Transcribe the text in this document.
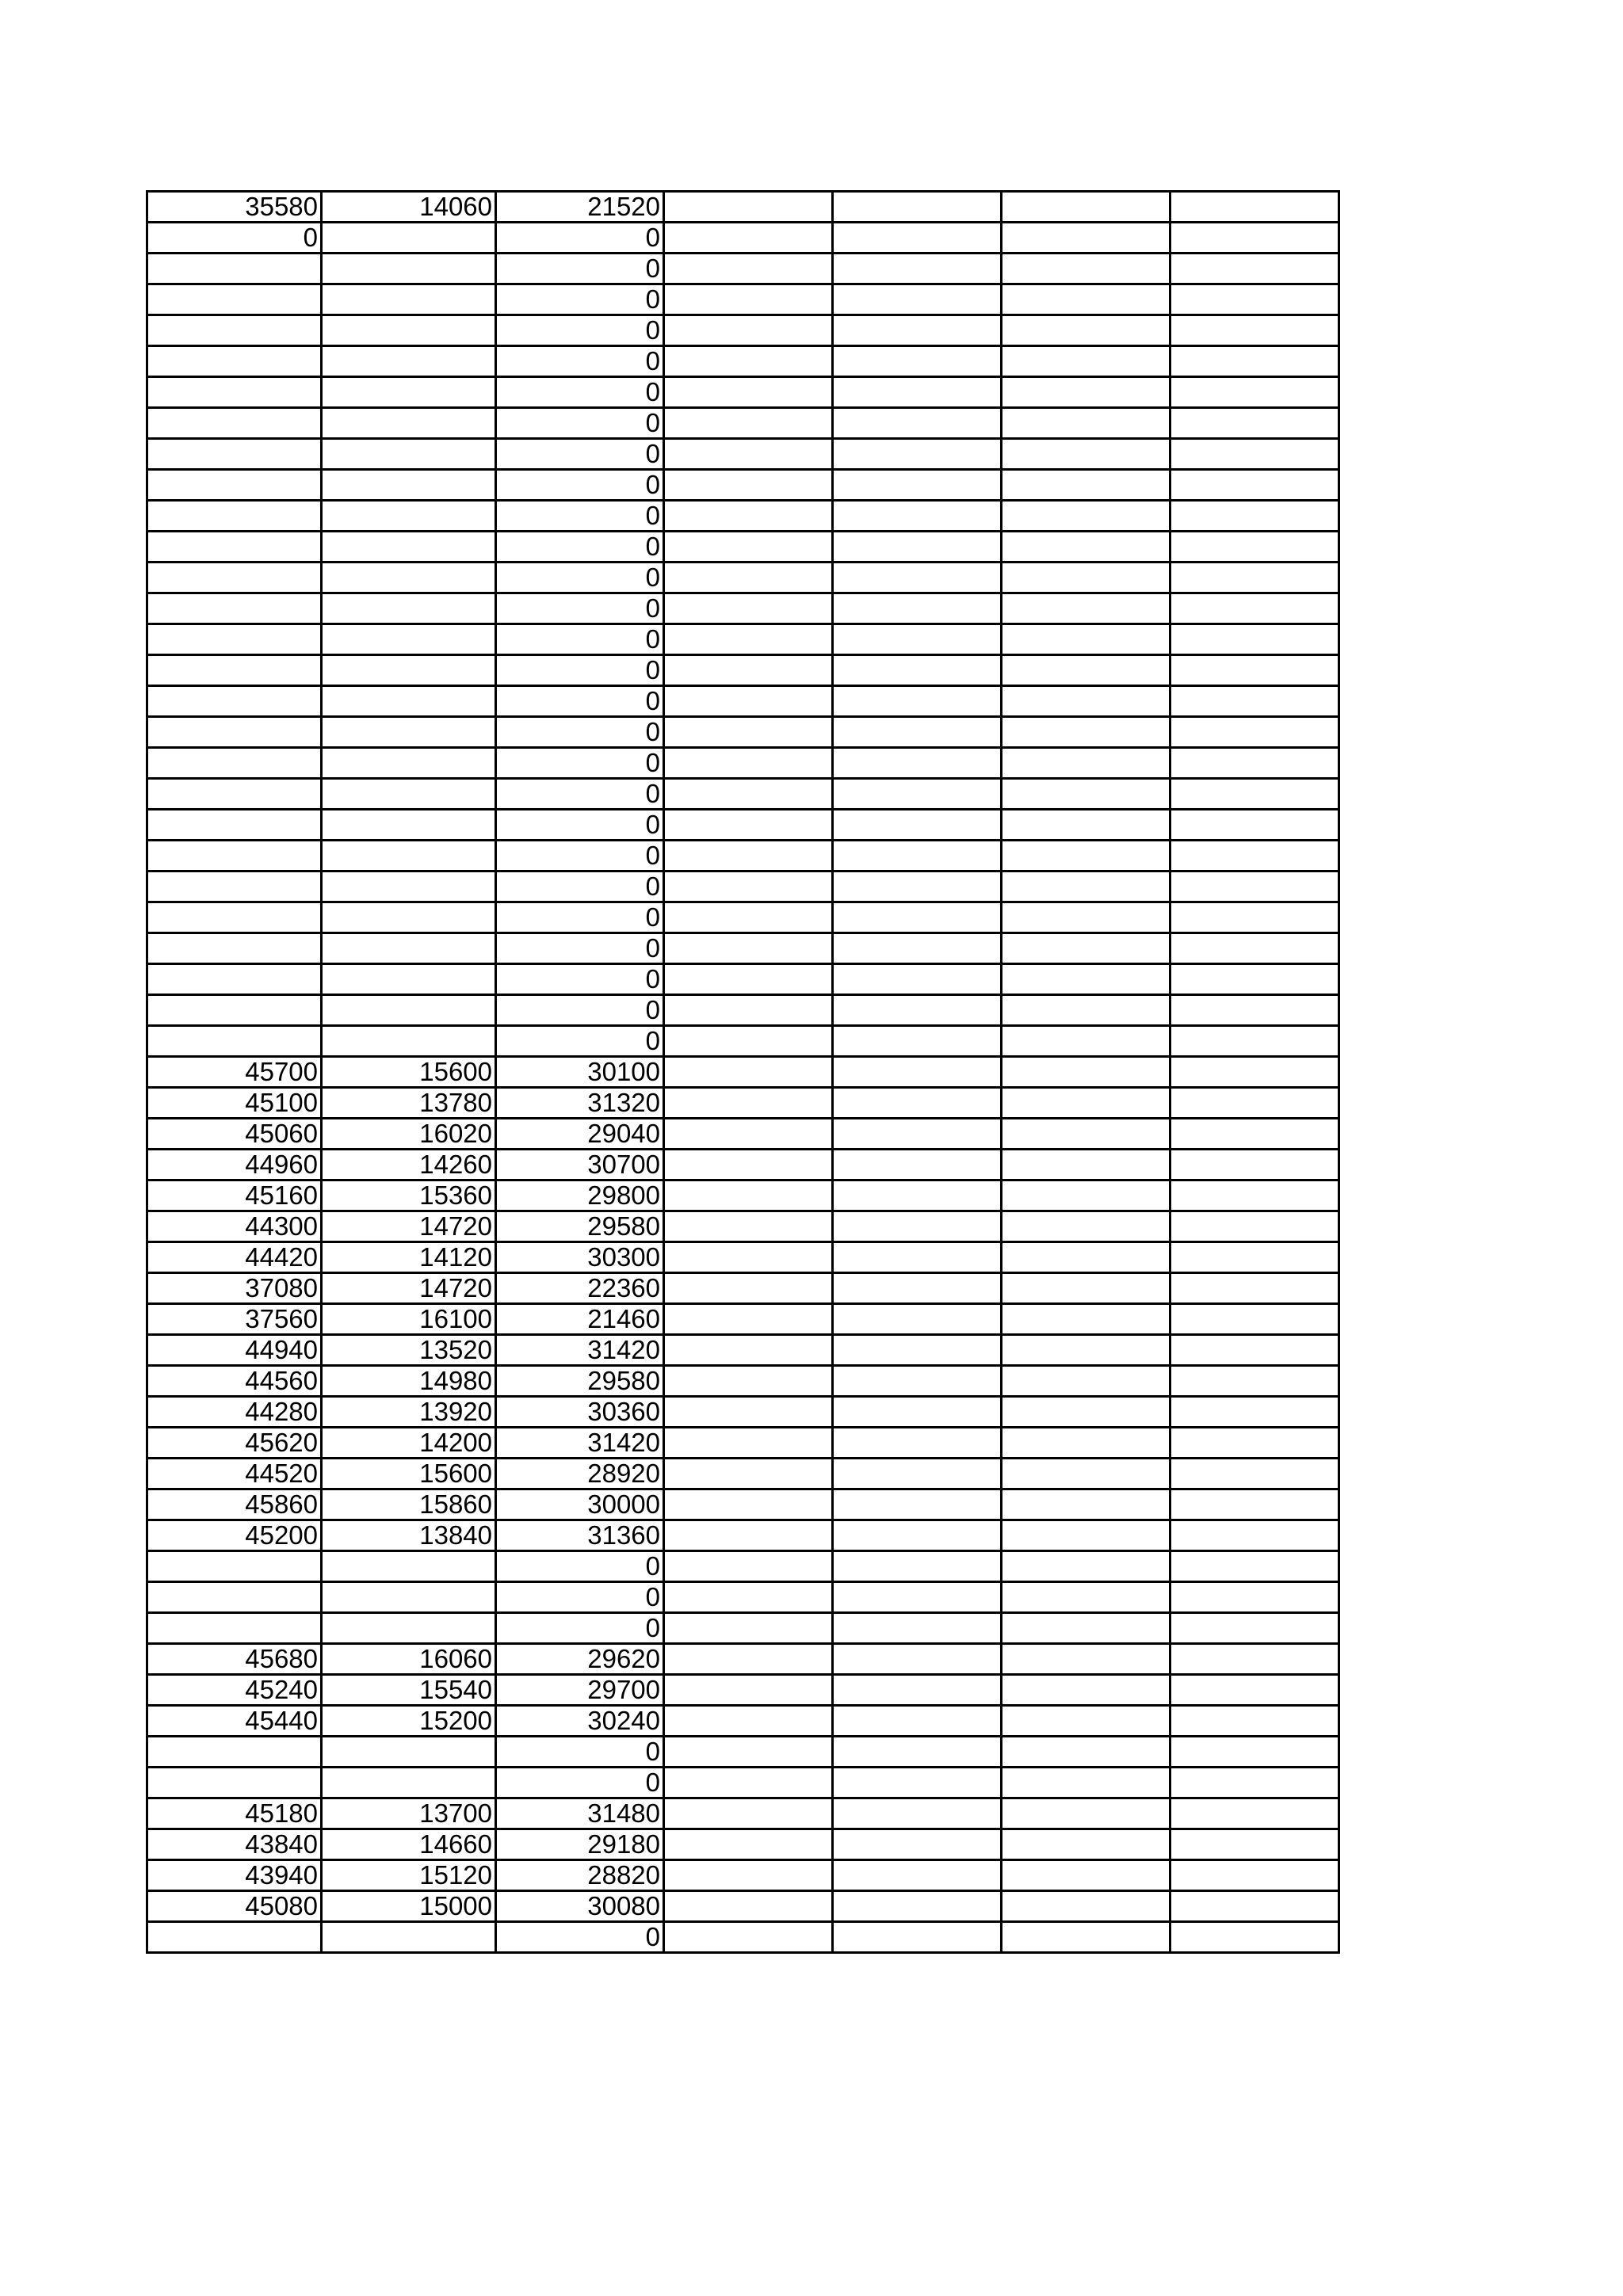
35580	14060	21520				
0		0				
		0				
		0				
		0				
		0				
		0				
		0				
		0				
		0				
		0				
		0				
		0				
		0				
		0				
		0				
		0				
		0				
		0				
		0				
		0				
		0				
		0				
		0				
		0				
		0				
		0				
		0				
45700	15600	30100				
45100	13780	31320				
45060	16020	29040				
44960	14260	30700				
45160	15360	29800				
44300	14720	29580				
44420	14120	30300				
37080	14720	22360				
37560	16100	21460				
44940	13520	31420				
44560	14980	29580				
44280	13920	30360				
45620	14200	31420				
44520	15600	28920				
45860	15860	30000				
45200	13840	31360				
		0				
		0				
		0				
45680	16060	29620				
45240	15540	29700				
45440	15200	30240				
		0				
		0				
45180	13700	31480				
43840	14660	29180				
43940	15120	28820				
45080	15000	30080				
		0				
